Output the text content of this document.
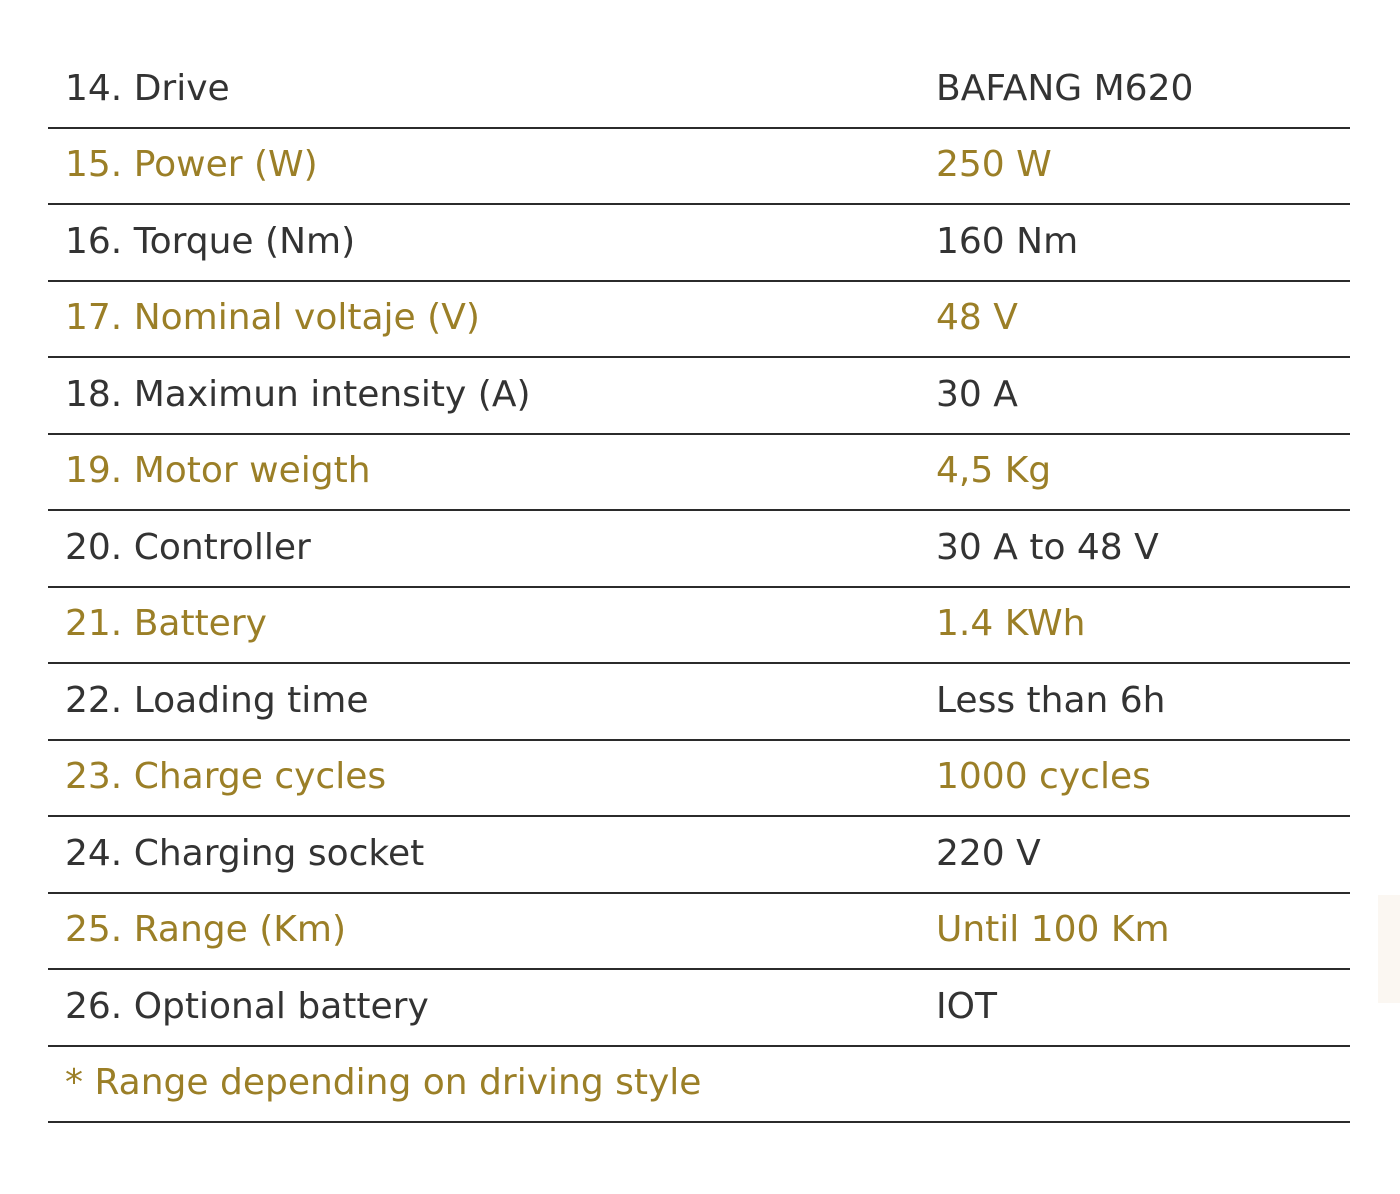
14. Drive	BAFANG M620
15. Power (W)	250 W
16. Torque (Nm)	160 Nm
17. Nominal voltaje (V)	48 V
18. Maximun intensity (A)	30 A
19. Motor weigth	4,5 Kg
20. Controller	30 A to 48 V
21. Battery	1.4 KWh
22. Loading time	Less than 6h
23. Charge cycles	1000 cycles
24. Charging socket	220 V
25. Range (Km)	Until 100 Km
26. Optional battery	IOT
* Range depending on driving style
